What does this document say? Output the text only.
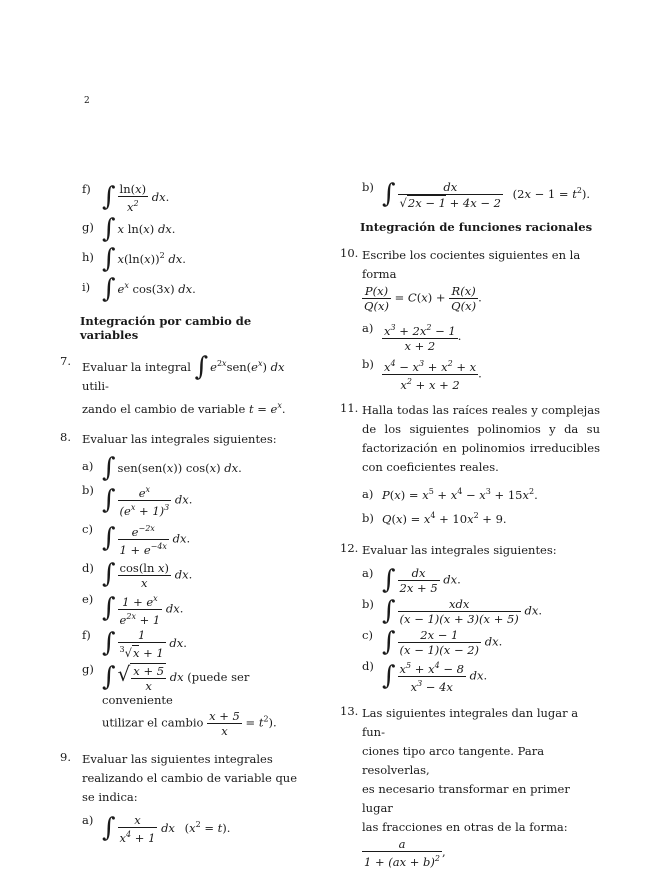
2
f) ∫ $\frac{\ln(x)}{x^2}$ dx.
g) ∫ x ln(x) dx.
h) ∫ $x(\ln(x))^2$ dx.
i) ∫ $e^x$ cos(3x) dx.
Integración por cambio de variables
7. Evaluar la integral ∫ $e^{2x}sen(e^x)$ dx utili-
zando el cambio de variable $t = e^x$.
8. Evaluar las integrales siguientes:
a) ∫ sen(sen(x)) cos(x) dx.
b) ∫ $\frac{e^x}{(e^x + 1)^3}$ dx.
c) ∫ $\frac{e^{-2x}}{1 + e^{-4x}}$ dx.
d) ∫ $\frac{\text{cos(ln x)}}{x}$ dx.
e) ∫ $\frac{1 + e^x}{e^{2x} + 1}$ dx.
f) ∫ $\frac{1}{^3√x + 1}$ dx.
g) ∫ √ $\frac{x + 5}{x}$ dx (puede ser conveniente
utilizar el cambio $\frac{x + 5}{x} = t^2$).
9. Evaluar las siguientes integrales realizando el cambio de variable que se indica:
a) ∫ $\frac{x}{x^4 + 1}$ dx $(x^2 = t)$.
b) ∫ $\frac{dx}{√2x - 1 + 4x - 2} (2x - 1 = t^2)$.
Integración de funciones racionales
10. Escribe los cocientes siguientes en la forma

$\frac{P(x)}{Q(x)} = C(x) + \frac{R(x)}{Q(x)}$ .
$a) \frac{x^3 + 2x^2 - 1}{x + 2}$ .
$b) \frac{x^4 - x^3 + x^2 + x}{x^2 + x + 2}$ .
11. Halla todas las raíces reales y complejas de los siguientes polinomios y da su factorización en polinomios irreducibles con coeficientes reales.
a) $P(x) = x^5 + x^4 - x^3 + 15x^2$.
b) $Q(x) = x^4 + 10x^2 + 9$.
12. Evaluar las integrales siguientes:
a) ∫ $\frac{dx}{2x + 5}$ dx.
b) ∫ $\frac{\text{xdx}}{(x - 1)(x + 3)(x + 5)}$ dx.
c) ∫ $\frac{2x - 1}{(x - 1)(x - 2)}$ dx.
d) ∫ $\frac{x^5 + x^4 - 8}{x^3 - 4x}$ dx.
13. Las siguientes integrales dan lugar a fun-
ciones tipo arco tangente. Para resolverlas,
es necesario transformar en primer lugar
las fracciones en otras de la forma:
$\frac{a}{1 + (ax + b)^2}$ ,
